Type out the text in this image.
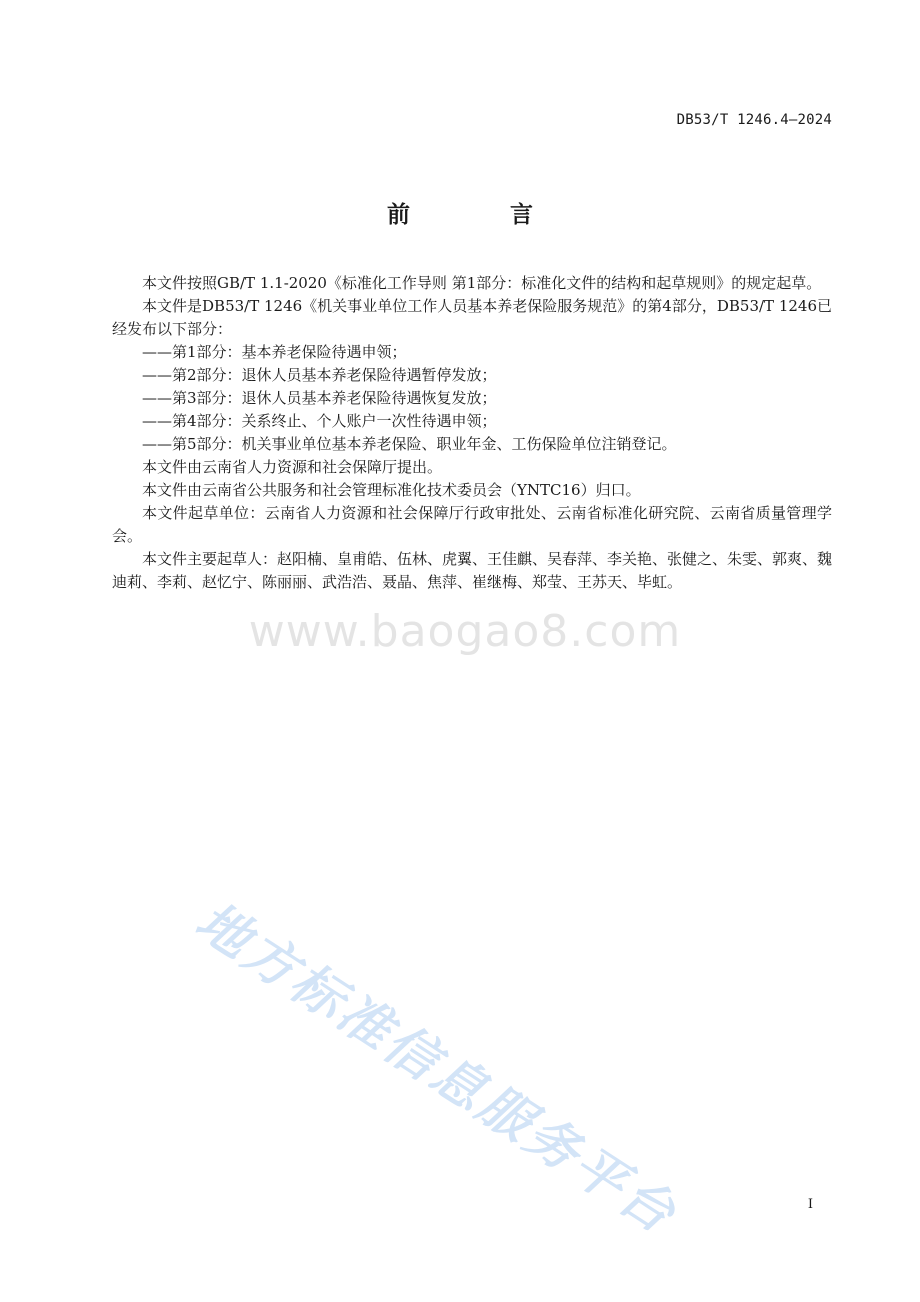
DB53/T 1246.4—2024
前 言

本文件按照GB/T 1.1-2020《标准化工作导则 第1部分：标准化文件的结构和起草规则》的规定起草。

本文件是DB53/T 1246《机关事业单位工作人员基本养老保险服务规范》的第4部分，DB53/T 1246已经发布以下部分：

——第1部分：基本养老保险待遇申领；

——第2部分：退休人员基本养老保险待遇暂停发放；

——第3部分：退休人员基本养老保险待遇恢复发放；

——第4部分：关系终止、个人账户一次性待遇申领；

——第5部分：机关事业单位基本养老保险、职业年金、工伤保险单位注销登记。

本文件由云南省人力资源和社会保障厅提出。

本文件由云南省公共服务和社会管理标准化技术委员会（YNTC16）归口。

本文件起草单位：云南省人力资源和社会保障厅行政审批处、云南省标准化研究院、云南省质量管理学会。

本文件主要起草人：赵阳楠、皇甫皓、伍林、虎翼、王佳麒、吴春萍、李关艳、张健之、朱雯、郭爽、魏迪莉、李莉、赵忆宁、陈丽丽、武浩浩、聂晶、焦萍、崔继梅、郑莹、王苏天、毕虹。

www.baogao8.com
地方标准信息服务平台	I
